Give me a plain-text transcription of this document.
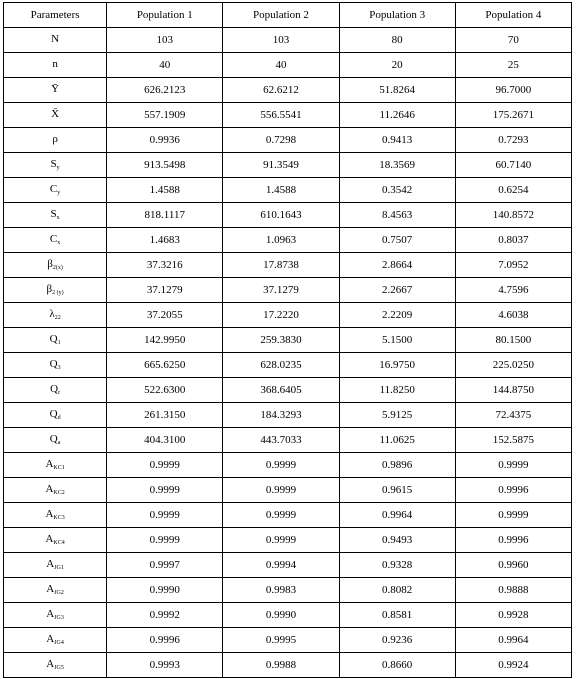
Parameters	Population 1	Population 2	Population 3	Population 4
N	103	103	80	70
n	40	40	20	25
Ȳ	626.2123	62.6212	51.8264	96.7000
X̄	557.1909	556.5541	11.2646	175.2671
ρ	0.9936	0.7298	0.9413	0.7293
$S_y$	913.5498	91.3549	18.3569	60.7140
$C_y$	1.4588	1.4588	0.3542	0.6254
$S_x$	818.1117	610.1643	8.4563	140.8572
$C_x$	1.4683	1.0963	0.7507	0.8037
$\beta_{2(x)}$	37.3216	17.8738	2.8664	7.0952
$\beta_{2 (y)}$	37.1279	37.1279	2.2667	4.7596
$\lambda_{22}$	37.2055	17.2220	2.2209	4.6038
$Q_1$	142.9950	259.3830	5.1500	80.1500
$Q_3$	665.6250	628.0235	16.9750	225.0250
$Q_r$	522.6300	368.6405	11.8250	144.8750
$Q_d$	261.3150	184.3293	5.9125	72.4375
$Q_a$	404.3100	443.7033	11.0625	152.5875
$A_{KC1}$	0.9999	0.9999	0.9896	0.9999
$A_{KC2}$	0.9999	0.9999	0.9615	0.9996
$A_{KC3}$	0.9999	0.9999	0.9964	0.9999
$A_{KC4}$	0.9999	0.9999	0.9493	0.9996
$A_{JG1}$	0.9997	0.9994	0.9328	0.9960
$A_{JG2}$	0.9990	0.9983	0.8082	0.9888
$A_{JG3}$	0.9992	0.9990	0.8581	0.9928
$A_{JG4}$	0.9996	0.9995	0.9236	0.9964
$A_{JG5}$	0.9993	0.9988	0.8660	0.9924
